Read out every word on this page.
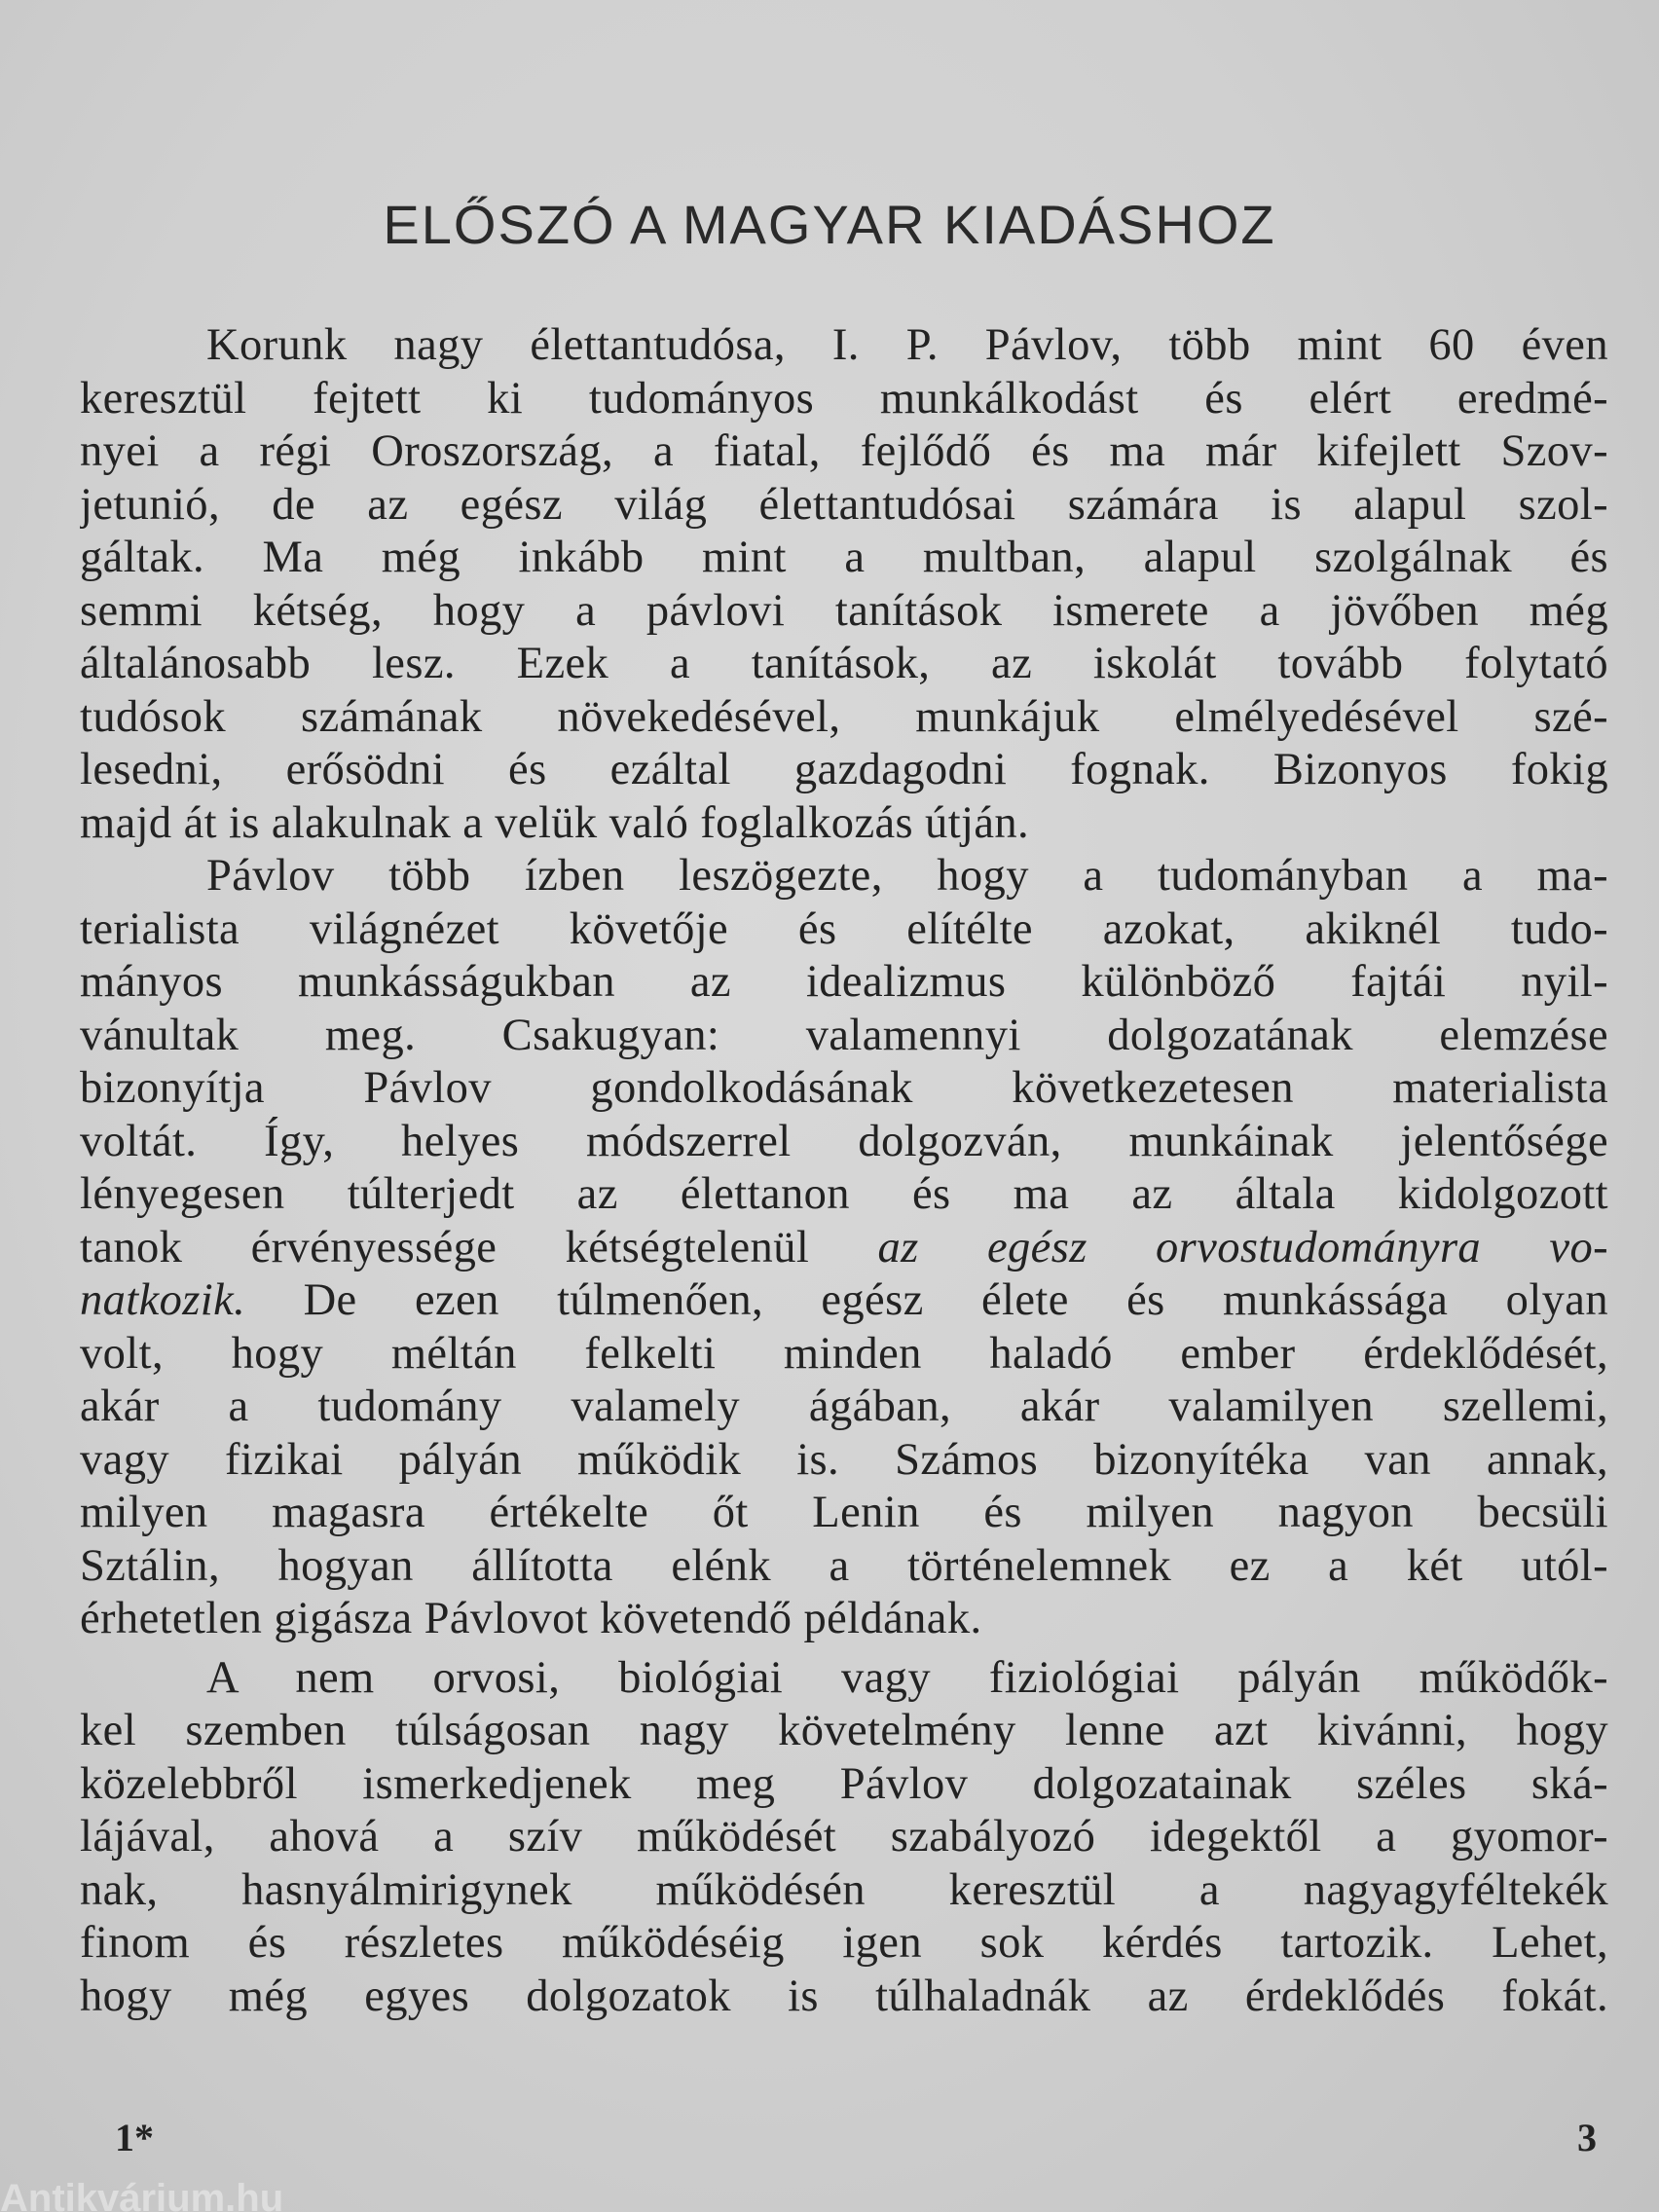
ELŐSZÓ A MAGYAR KIADÁSHOZ
Korunk nagy élettantudósa, I. P. Pávlov, több mint 60 éven
keresztül fejtett ki tudományos munkálkodást és elért eredmé-
nyei a régi Oroszország, a fiatal, fejlődő és ma már kifejlett Szov-
jetunió, de az egész világ élettantudósai számára is alapul szol-
gáltak. Ma még inkább mint a multban, alapul szolgálnak és
semmi kétség, hogy a pávlovi tanítások ismerete a jövőben még
általánosabb lesz. Ezek a tanítások, az iskolát tovább folytató
tudósok számának növekedésével, munkájuk elmélyedésével szé-
lesedni, erősödni és ezáltal gazdagodni fognak. Bizonyos fokig
majd át is alakulnak a velük való foglalkozás útján.
Pávlov több ízben leszögezte, hogy a tudományban a ma-
terialista világnézet követője és elítélte azokat, akiknél tudo-
mányos munkásságukban az idealizmus különböző fajtái nyil-
vánultak meg. Csakugyan: valamennyi dolgozatának elemzése
bizonyítja Pávlov gondolkodásának következetesen materialista
voltát. Így, helyes módszerrel dolgozván, munkáinak jelentősége
lényegesen túlterjedt az élettanon és ma az általa kidolgozott
tanok érvényessége kétségtelenül az egész orvostudományra vo-
natkozik. De ezen túlmenően, egész élete és munkássága olyan
volt, hogy méltán felkelti minden haladó ember érdeklődését,
akár a tudomány valamely ágában, akár valamilyen szellemi,
vagy fizikai pályán működik is. Számos bizonyítéka van annak,
milyen magasra értékelte őt Lenin és milyen nagyon becsüli
Sztálin, hogyan állította elénk a történelemnek ez a két utól-
érhetetlen gigásza Pávlovot követendő példának.
A nem orvosi, biológiai vagy fiziológiai pályán működők-
kel szemben túlságosan nagy követelmény lenne azt kivánni, hogy
közelebbről ismerkedjenek meg Pávlov dolgozatainak széles ská-
lájával, ahová a szív működését szabályozó idegektől a gyomor-
nak, hasnyálmirigynek működésén keresztül a nagyagyféltekék
finom és részletes működéséig igen sok kérdés tartozik. Lehet,
hogy még egyes dolgozatok is túlhaladnák az érdeklődés fokát.
1*	3
Antikvárium.hu
